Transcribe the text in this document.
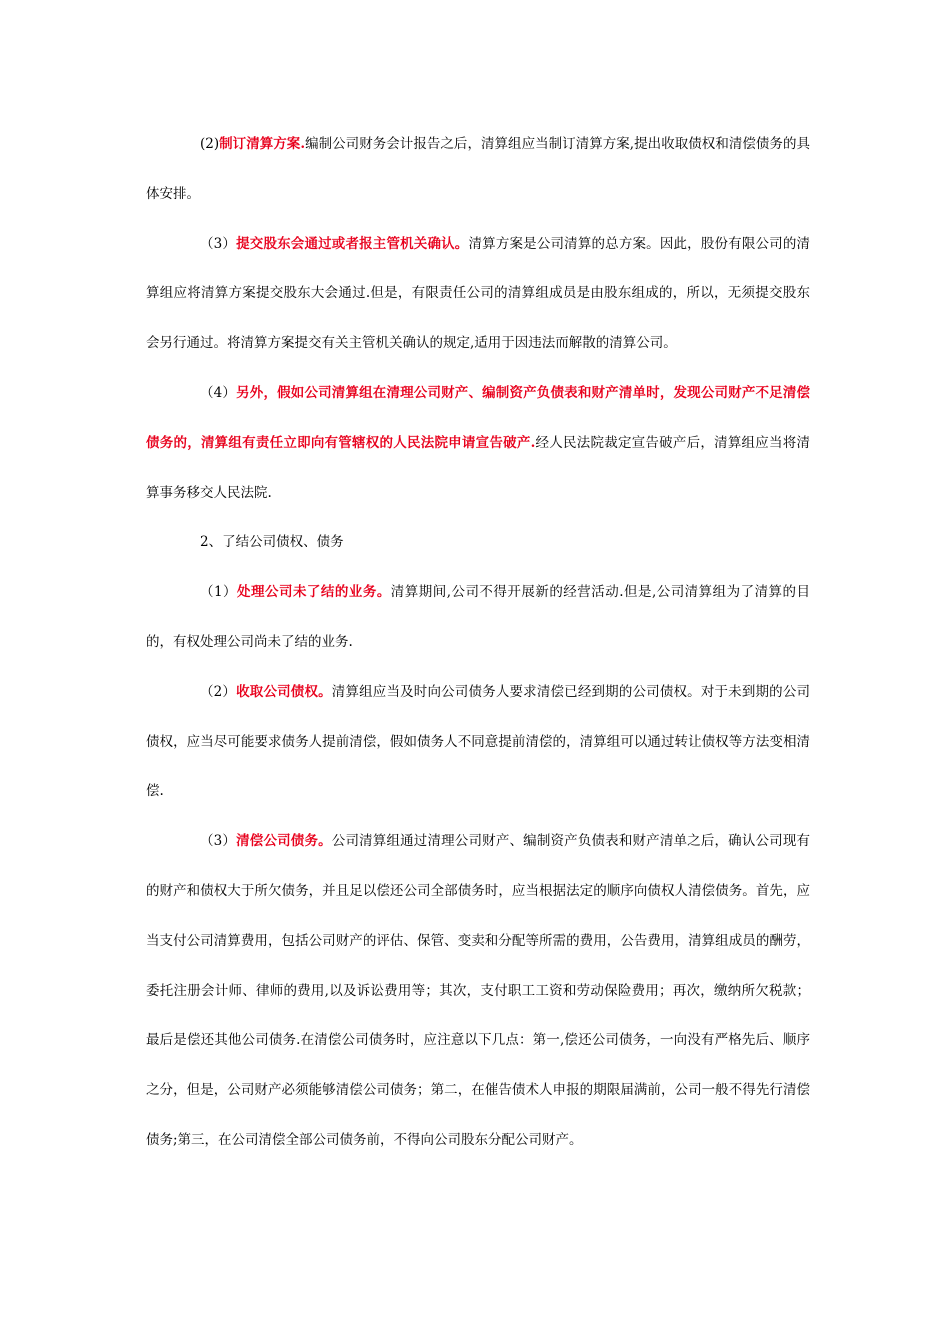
(2)制订清算方案.编制公司财务会计报告之后，清算组应当制订清算方案,提出收取债权和清偿债务的具体安排。

（3）提交股东会通过或者报主管机关确认。清算方案是公司清算的总方案。因此，股份有限公司的清算组应将清算方案提交股东大会通过.但是，有限责任公司的清算组成员是由股东组成的，所以，无须提交股东会另行通过。将清算方案提交有关主管机关确认的规定,适用于因违法而解散的清算公司。

（4）另外，假如公司清算组在清理公司财产、编制资产负债表和财产清单时，发现公司财产不足清偿债务的，清算组有责任立即向有管辖权的人民法院申请宣告破产.经人民法院裁定宣告破产后，清算组应当将清算事务移交人民法院.

2、了结公司债权、债务

（1）处理公司未了结的业务。清算期间,公司不得开展新的经营活动.但是,公司清算组为了清算的目的，有权处理公司尚未了结的业务.

（2）收取公司债权。清算组应当及时向公司债务人要求清偿已经到期的公司债权。对于未到期的公司债权，应当尽可能要求债务人提前清偿，假如债务人不同意提前清偿的，清算组可以通过转让债权等方法变相清偿.

（3）清偿公司债务。公司清算组通过清理公司财产、编制资产负债表和财产清单之后，确认公司现有的财产和债权大于所欠债务，并且足以偿还公司全部债务时，应当根据法定的顺序向债权人清偿债务。首先，应当支付公司清算费用，包括公司财产的评估、保管、变卖和分配等所需的费用，公告费用，清算组成员的酬劳，委托注册会计师、律师的费用,以及诉讼费用等；其次，支付职工工资和劳动保险费用；再次，缴纳所欠税款；最后是偿还其他公司债务.在清偿公司债务时，应注意以下几点：第一,偿还公司债务，一向没有严格先后、顺序之分，但是，公司财产必须能够清偿公司债务；第二，在催告债术人申报的期限届满前，公司一般不得先行清偿债务;第三，在公司清偿全部公司债务前，不得向公司股东分配公司财产。
